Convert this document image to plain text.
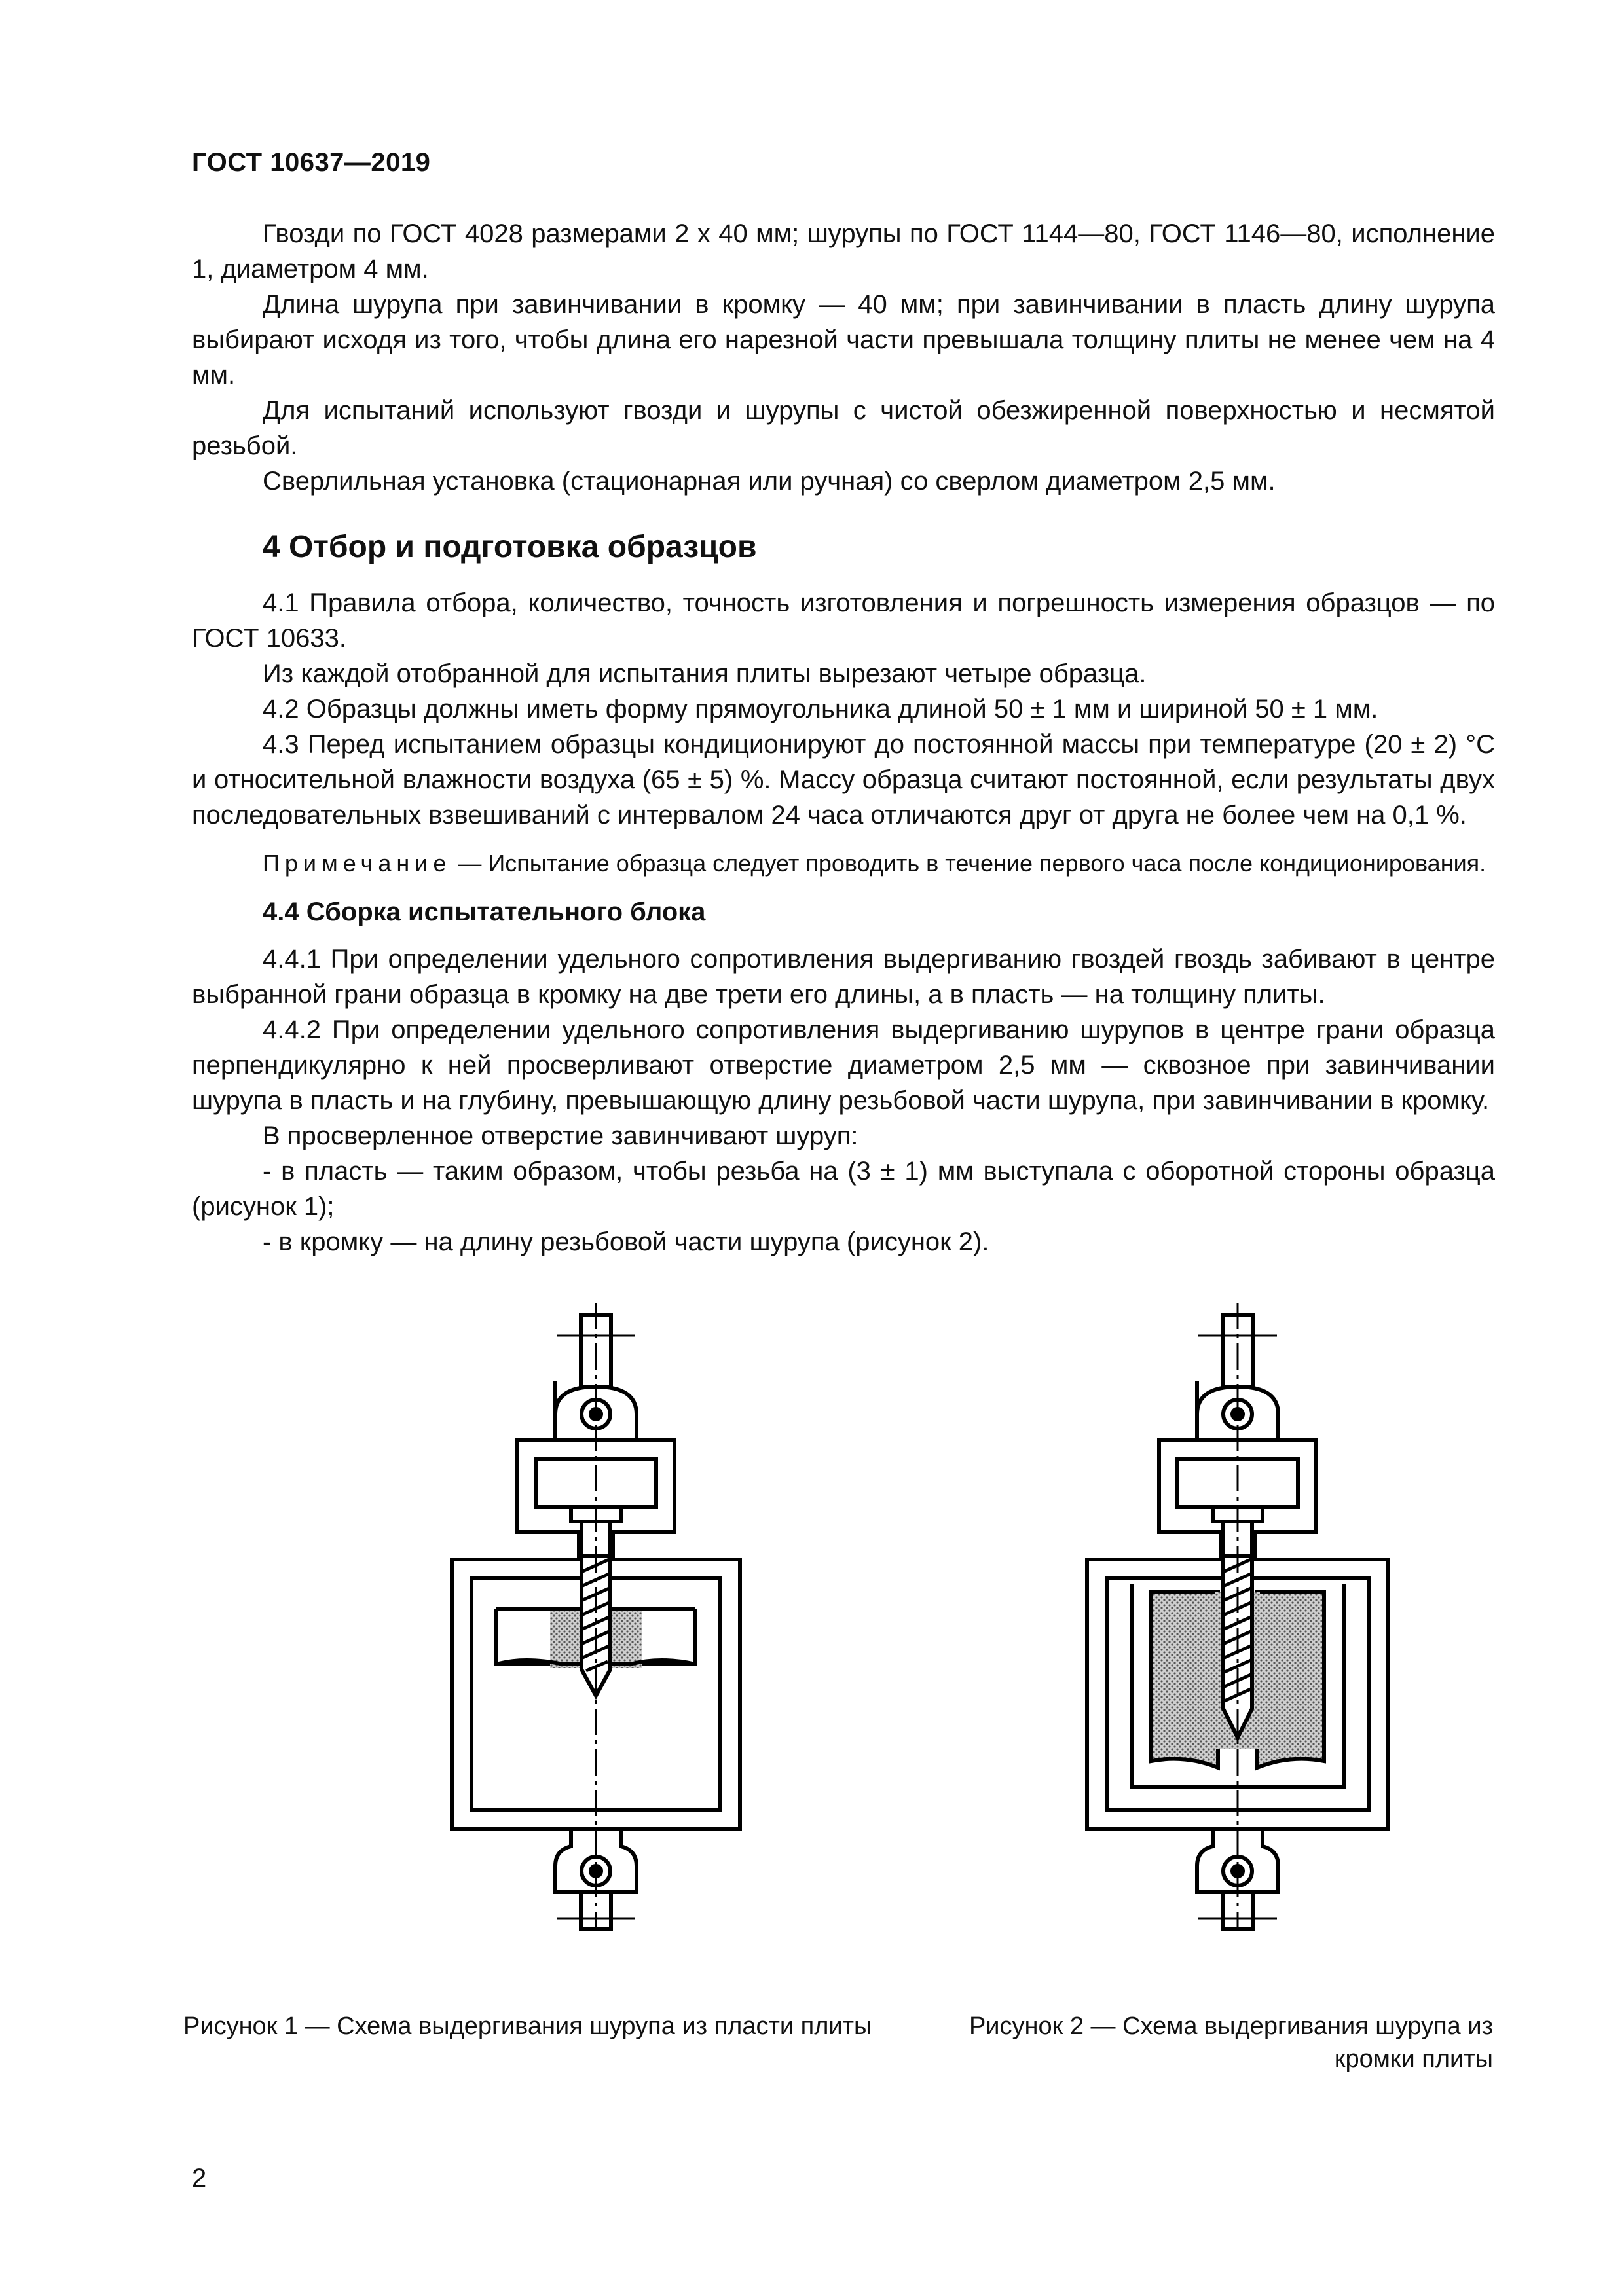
ГОСТ 10637—2019

Гвозди по ГОСТ 4028 размерами 2 х 40 мм; шурупы по ГОСТ 1144—80, ГОСТ 1146—80, исполнение 1, диаметром 4 мм.

Длина шурупа при завинчивании в кромку — 40 мм; при завинчивании в пласть длину шурупа выбирают исходя из того, чтобы длина его нарезной части превышала толщину плиты не менее чем на 4 мм.

Для испытаний используют гвозди и шурупы с чистой обезжиренной поверхностью и несмятой резьбой.

Сверлильная установка (стационарная или ручная) со сверлом диаметром 2,5 мм.

4 Отбор и подготовка образцов

4.1 Правила отбора, количество, точность изготовления и погрешность измерения образцов — по ГОСТ 10633.

Из каждой отобранной для испытания плиты вырезают четыре образца.

4.2 Образцы должны иметь форму прямоугольника длиной 50 ± 1 мм и шириной 50 ± 1 мм.

4.3 Перед испытанием образцы кондиционируют до постоянной массы при температуре (20 ± 2) °С и относительной влажности воздуха (65 ± 5) %. Массу образца считают постоянной, если результаты двух последовательных взвешиваний с интервалом 24 часа отличаются друг от друга не более чем на 0,1 %.

Примечание — Испытание образца следует проводить в течение первого часа после кондиционирования.
4.4 Сборка испытательного блока

4.4.1 При определении удельного сопротивления выдергиванию гвоздей гвоздь забивают в центре выбранной грани образца в кромку на две трети его длины, а в пласть — на толщину плиты.

4.4.2 При определении удельного сопротивления выдергиванию шурупов в центре грани образца перпендикулярно к ней просверливают отверстие диаметром 2,5 мм — сквозное при завинчивании шурупа в пласть и на глубину, превышающую длину резьбовой части шурупа, при завинчивании в кромку.

В просверленное отверстие завинчивают шуруп:

- в пласть — таким образом, чтобы резьба на (3 ± 1) мм выступала с оборотной стороны образца (рисунок 1);

- в кромку — на длину резьбовой части шурупа (рисунок 2).

Рисунок 1 — Схема выдергивания шурупа из пласти плиты	Рисунок 2 — Схема выдергивания шурупа из кромки плиты
2
